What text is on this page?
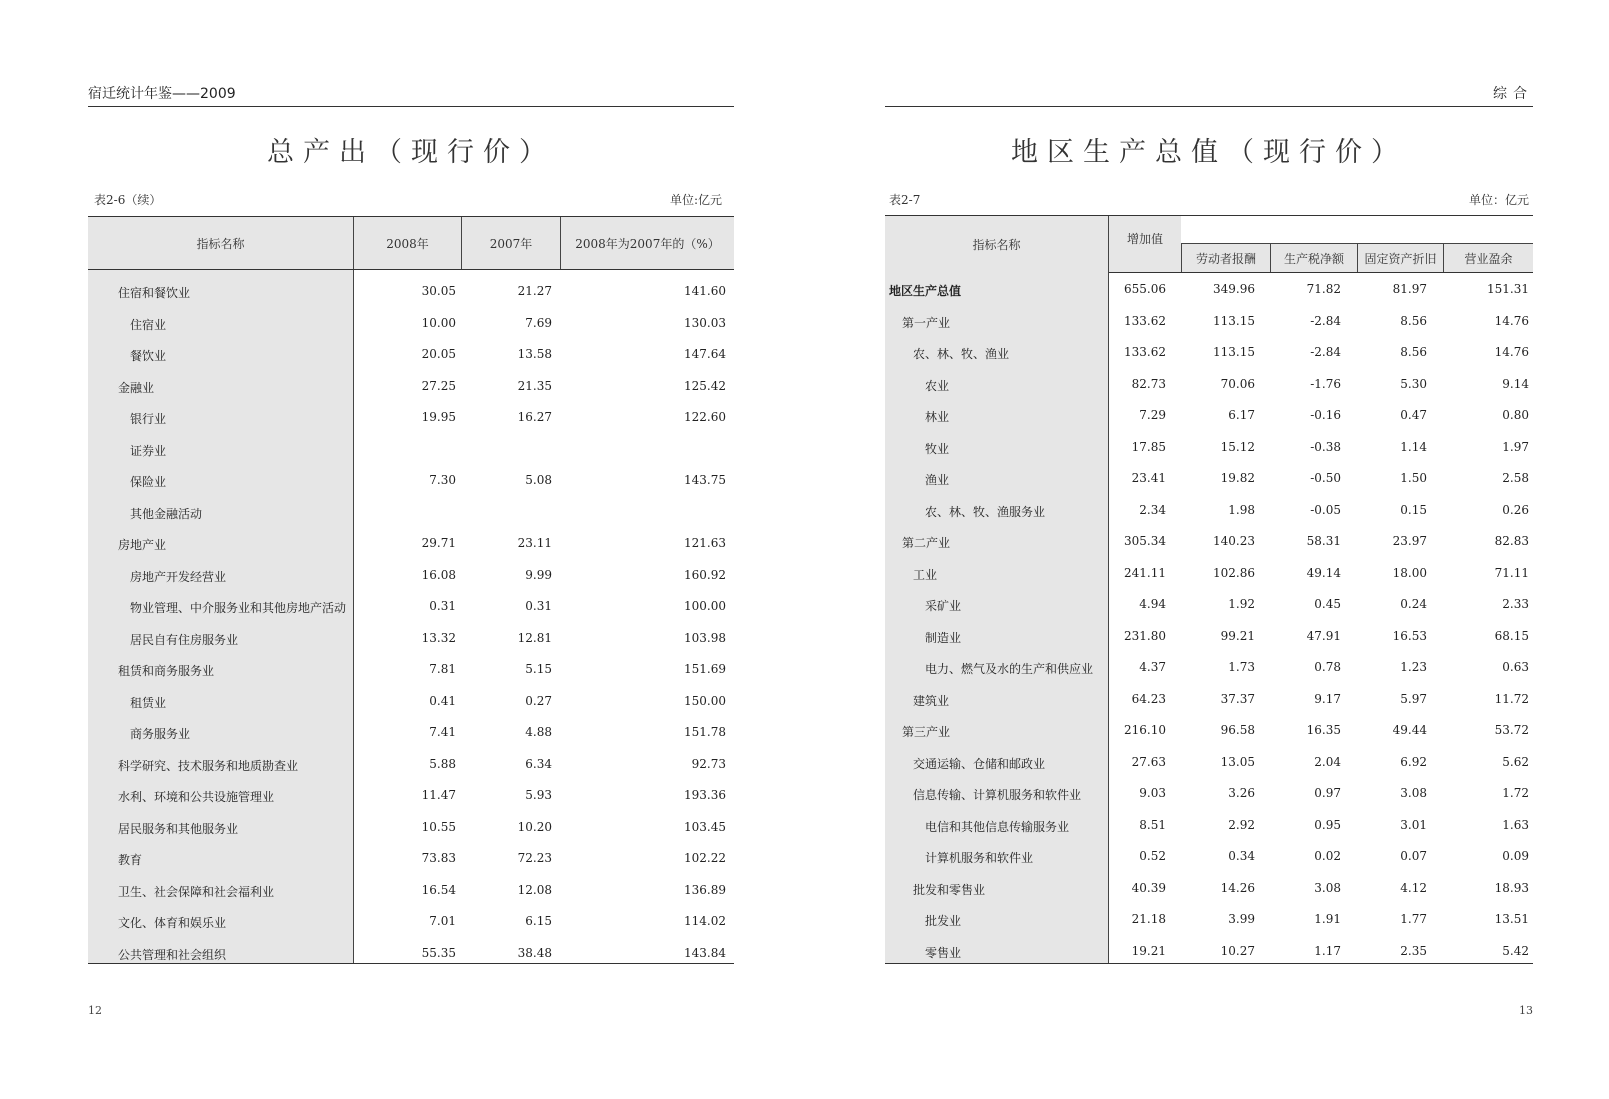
宿迁统计年鉴——2009
总产出（现行价）
表2-6（续）	单位:亿元
指标名称	2008年	2007年	2008年为2007年的（%）
住宿和餐饮业	30.05	21.27	141.60
住宿业	10.00	7.69	130.03
餐饮业	20.05	13.58	147.64
金融业	27.25	21.35	125.42
银行业	19.95	16.27	122.60
证券业
保险业	7.30	5.08	143.75
其他金融活动
房地产业	29.71	23.11	121.63
房地产开发经营业	16.08	9.99	160.92
物业管理、中介服务业和其他房地产活动	0.31	0.31	100.00
居民自有住房服务业	13.32	12.81	103.98
租赁和商务服务业	7.81	5.15	151.69
租赁业	0.41	0.27	150.00
商务服务业	7.41	4.88	151.78
科学研究、技术服务和地质勘查业	5.88	6.34	92.73
水利、环境和公共设施管理业	11.47	5.93	193.36
居民服务和其他服务业	10.55	10.20	103.45
教育	73.83	72.23	102.22
卫生、社会保障和社会福利业	16.54	12.08	136.89
文化、体育和娱乐业	7.01	6.15	114.02
公共管理和社会组织	55.35	38.48	143.84
12
综合
地区生产总值（现行价）
表2-7	单位：亿元
指标名称	增加值
劳动者报酬	生产税净额	固定资产折旧	营业盈余
地区生产总值	655.06	349.96	71.82	81.97	151.31
第一产业	133.62	113.15	-2.84	8.56	14.76
农、林、牧、渔业	133.62	113.15	-2.84	8.56	14.76
农业	82.73	70.06	-1.76	5.30	9.14
林业	7.29	6.17	-0.16	0.47	0.80
牧业	17.85	15.12	-0.38	1.14	1.97
渔业	23.41	19.82	-0.50	1.50	2.58
农、林、牧、渔服务业	2.34	1.98	-0.05	0.15	0.26
第二产业	305.34	140.23	58.31	23.97	82.83
工业	241.11	102.86	49.14	18.00	71.11
采矿业	4.94	1.92	0.45	0.24	2.33
制造业	231.80	99.21	47.91	16.53	68.15
电力、燃气及水的生产和供应业	4.37	1.73	0.78	1.23	0.63
建筑业	64.23	37.37	9.17	5.97	11.72
第三产业	216.10	96.58	16.35	49.44	53.72
交通运输、仓储和邮政业	27.63	13.05	2.04	6.92	5.62
信息传输、计算机服务和软件业	9.03	3.26	0.97	3.08	1.72
电信和其他信息传输服务业	8.51	2.92	0.95	3.01	1.63
计算机服务和软件业	0.52	0.34	0.02	0.07	0.09
批发和零售业	40.39	14.26	3.08	4.12	18.93
批发业	21.18	3.99	1.91	1.77	13.51
零售业	19.21	10.27	1.17	2.35	5.42
13
